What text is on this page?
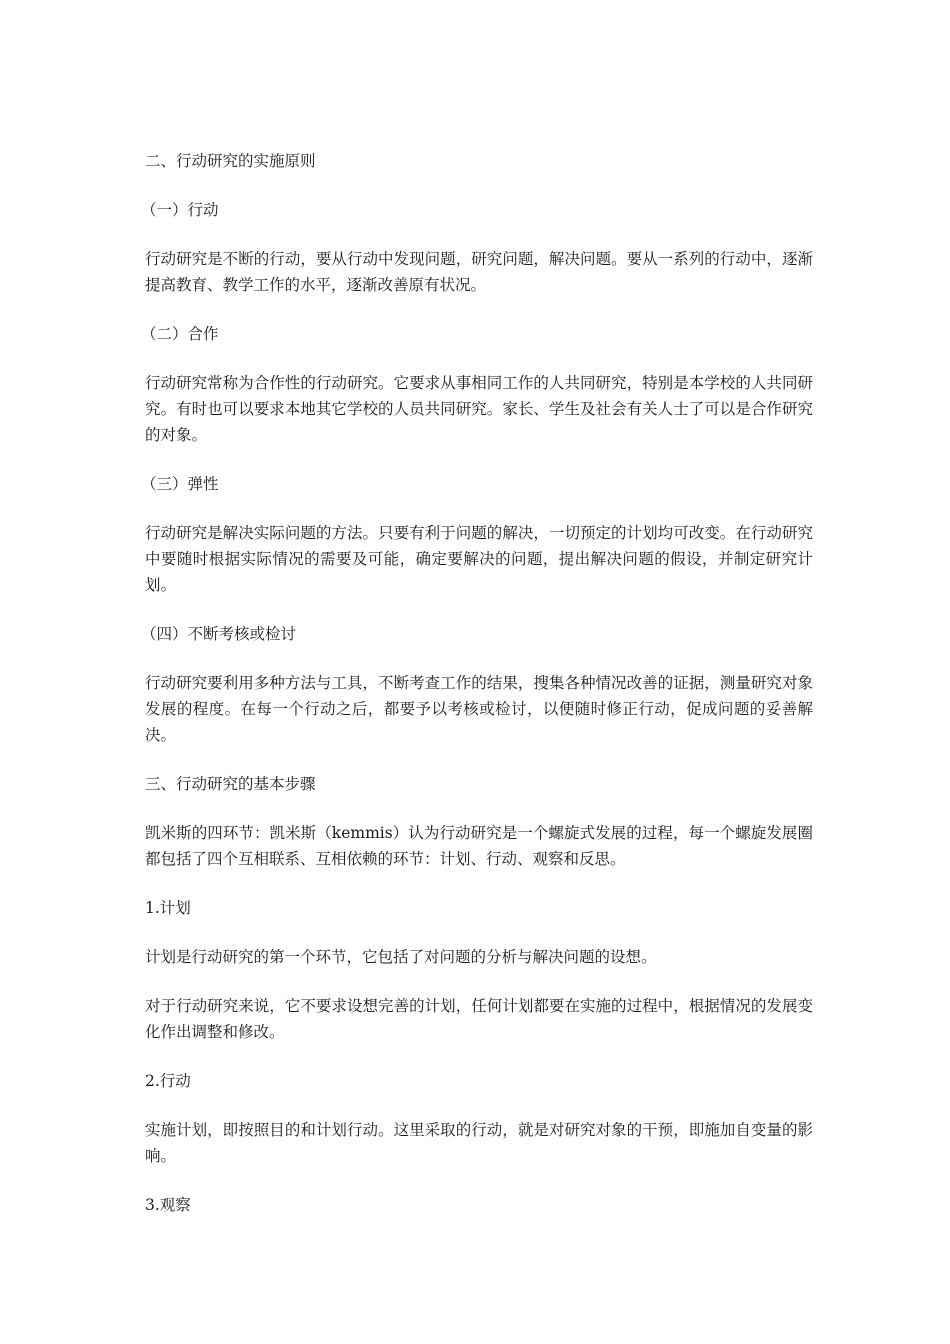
二、行动研究的实施原则
（一）行动
行动研究是不断的行动，要从行动中发现问题，研究问题，解决问题。要从一系列的行动中，逐渐提高教育、教学工作的水平，逐渐改善原有状况。
（二）合作
行动研究常称为合作性的行动研究。它要求从事相同工作的人共同研究，特别是本学校的人共同研究。有时也可以要求本地其它学校的人员共同研究。家长、学生及社会有关人士了可以是合作研究的对象。
（三）弹性
行动研究是解决实际问题的方法。只要有利于问题的解决，一切预定的计划均可改变。在行动研究中要随时根据实际情况的需要及可能，确定要解决的问题，提出解决问题的假设，并制定研究计划。
（四）不断考核或检讨
行动研究要利用多种方法与工具，不断考查工作的结果，搜集各种情况改善的证据，测量研究对象发展的程度。在每一个行动之后，都要予以考核或检讨，以便随时修正行动，促成问题的妥善解决。
三、行动研究的基本步骤
凯米斯的四环节：凯米斯（kemmis）认为行动研究是一个螺旋式发展的过程，每一个螺旋发展圈都包括了四个互相联系、互相依赖的环节：计划、行动、观察和反思。
1.计划
计划是行动研究的第一个环节，它包括了对问题的分析与解决问题的设想。
对于行动研究来说，它不要求设想完善的计划，任何计划都要在实施的过程中，根据情况的发展变化作出调整和修改。
2.行动
实施计划，即按照目的和计划行动。这里采取的行动，就是对研究对象的干预，即施加自变量的影响。
3.观察
